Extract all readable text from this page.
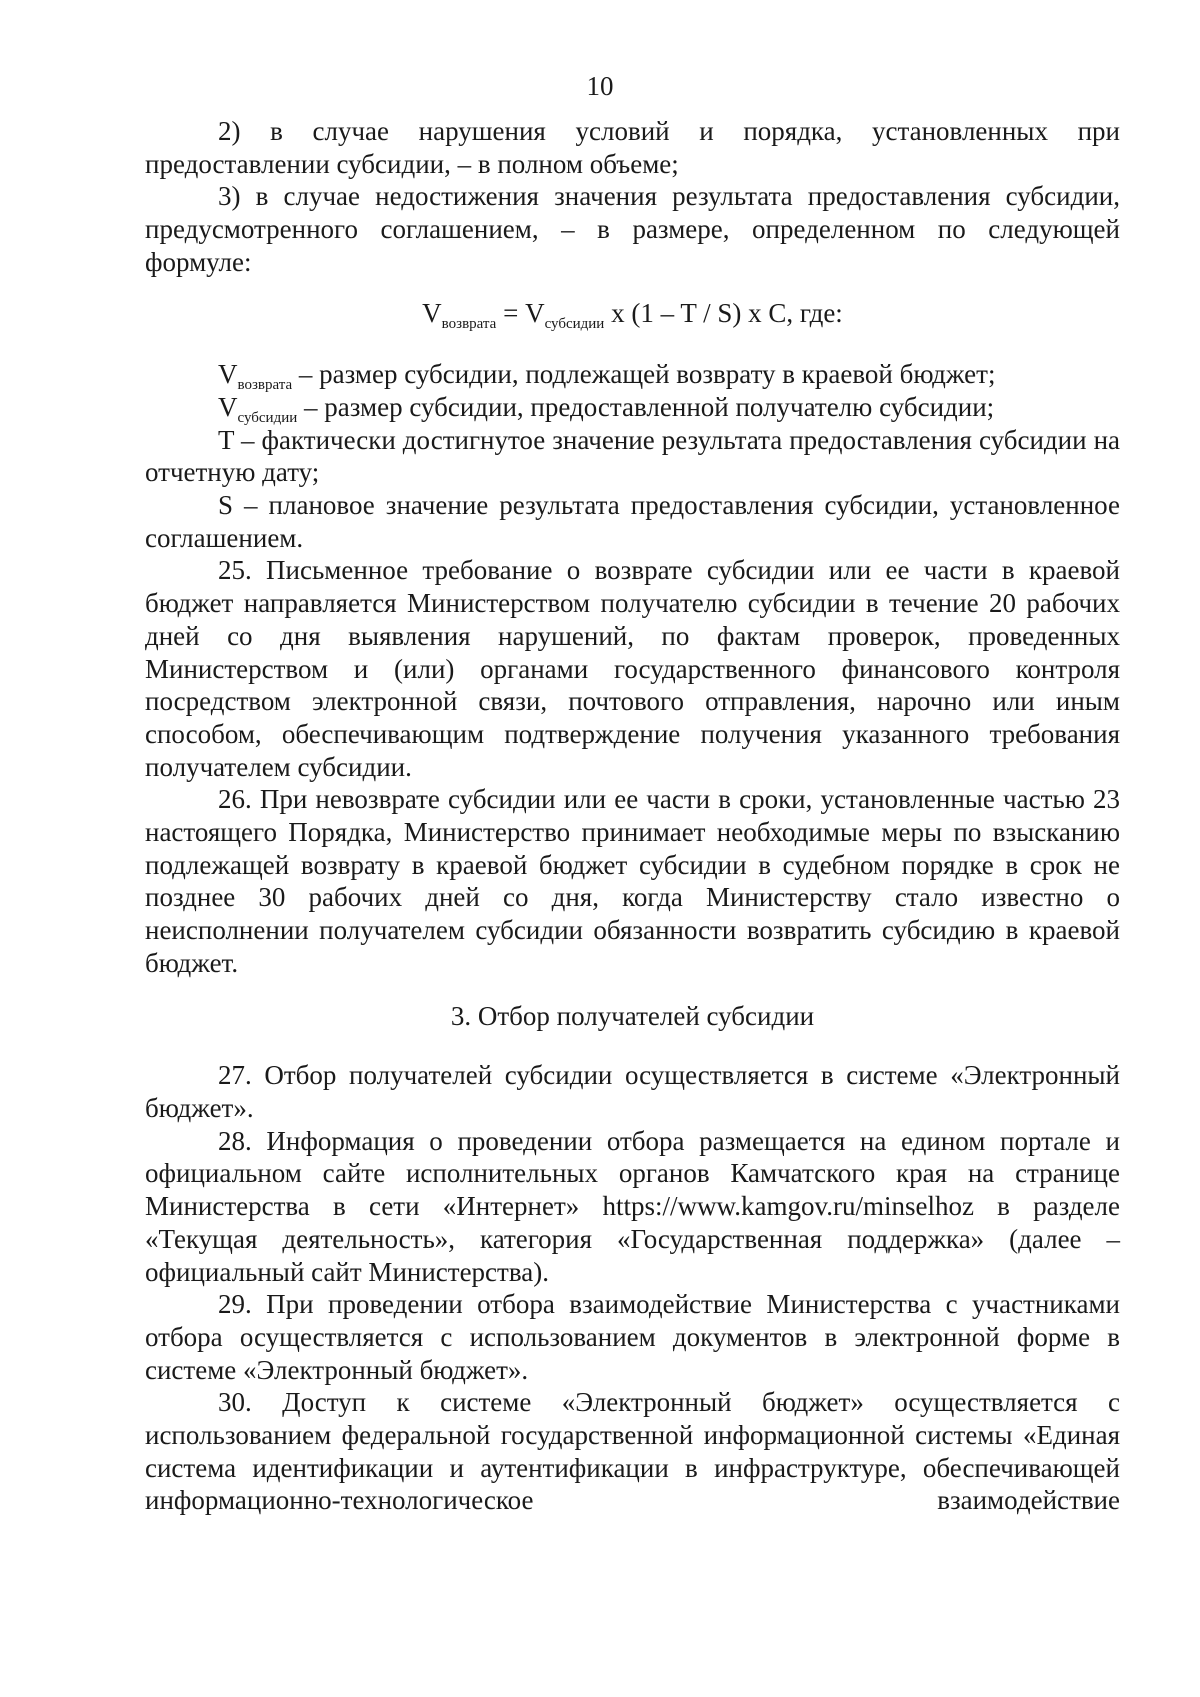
10

2) в случае нарушения условий и порядка, установленных при предоставлении субсидии, – в полном объеме;

3) в случае недостижения значения результата предоставления субсидии, предусмотренного соглашением, – в размере, определенном по следующей формуле:

$V_{возврата} = V_{субсидии}$ x (1 – T / S) x C, где:

$V_{возврата}$ – размер субсидии, подлежащей возврату в краевой бюджет;

$V_{субсидии}$ – размер субсидии, предоставленной получателю субсидии;

T – фактически достигнутое значение результата предоставления субсидии на отчетную дату;

S – плановое значение результата предоставления субсидии, установленное соглашением.

25. Письменное требование о возврате субсидии или ее части в краевой бюджет направляется Министерством получателю субсидии в течение 20 рабочих дней со дня выявления нарушений, по фактам проверок, проведенных Министерством и (или) органами государственного финансового контроля посредством электронной связи, почтового отправления, нарочно или иным способом, обеспечивающим подтверждение получения указанного требования получателем субсидии.

26. При невозврате субсидии или ее части в сроки, установленные частью 23 настоящего Порядка, Министерство принимает необходимые меры по взысканию подлежащей возврату в краевой бюджет субсидии в судебном порядке в срок не позднее 30 рабочих дней со дня, когда Министерству стало известно о неисполнении получателем субсидии обязанности возвратить субсидию в краевой бюджет.

3. Отбор получателей субсидии

27. Отбор получателей субсидии осуществляется в системе «Электронный бюджет».

28. Информация о проведении отбора размещается на едином портале и официальном сайте исполнительных органов Камчатского края на странице Министерства в сети «Интернет» https://www.kamgov.ru/minselhoz в разделе «Текущая деятельность», категория «Государственная поддержка» (далее – официальный сайт Министерства).

29. При проведении отбора взаимодействие Министерства с участниками отбора осуществляется с использованием документов в электронной форме в системе «Электронный бюджет».

30. Доступ к системе «Электронный бюджет» осуществляется с использованием федеральной государственной информационной системы «Единая система идентификации и аутентификации в инфраструктуре, обеспечивающей информационно-технологическое взаимодействие
